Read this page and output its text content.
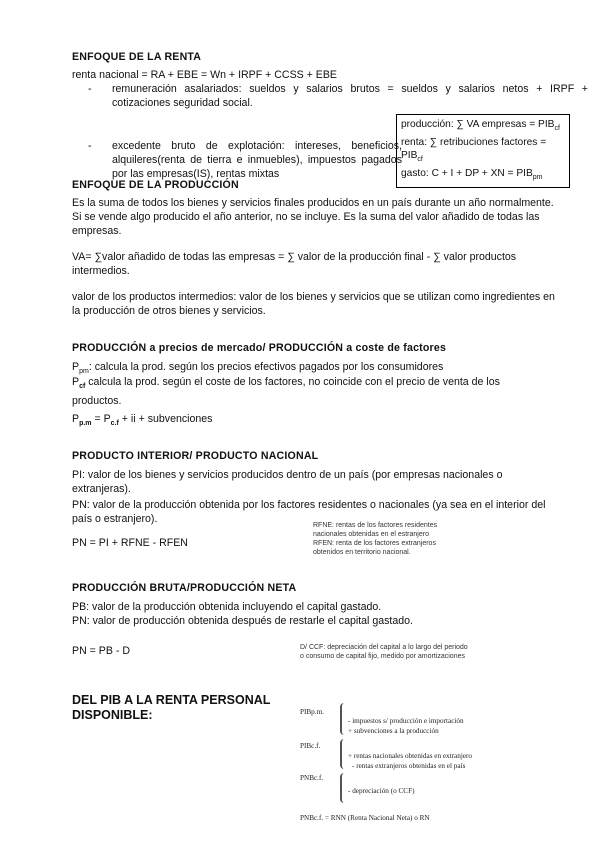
ENFOQUE DE LA RENTA
renta nacional = RA + EBE = Wn + IRPF + CCSS + EBE
- remuneración asalariados: sueldos y salarios brutos = sueldos y salarios netos + IRPF + cotizaciones seguridad social.
- excedente bruto de explotación: intereses, beneficios, alquileres(renta de tierra e inmuebles), impuestos pagados por las empresas(IS), rentas mixtas
producción: ∑ VA empresas = $PIB_{cf}$
renta: ∑ retribuciones factores = $PIB_{cf}$
gasto: C + I + DP + XN = $PIB_{pm}$
ENFOQUE DE LA PRODUCCIÓN
Es la suma de todos los bienes y servicios finales producidos en un país durante un año normalmente. Si se vende algo producido el año anterior, no se incluye. Es la suma del valor añadido de todas las empresas.
VA= ∑valor añadido de todas las empresas = ∑ valor de la producción final - ∑ valor productos intermedios.
valor de los productos intermedios: valor de los bienes y servicios que se utilizan como ingredientes en la producción de otros bienes y servicios.
PRODUCCIÓN a precios de mercado/ PRODUCCIÓN a coste de factores
$P_{pm}$: calcula la prod. según los precios efectivos pagados por los consumidores
$P_{cf}$ calcula la prod. según el coste de los factores, no coincide con el precio de venta de los productos.
$P_{p.m} = P_{c.f}$ + ii + subvenciones
PRODUCTO INTERIOR/ PRODUCTO NACIONAL
PI: valor de los bienes y servicios producidos dentro de un país (por empresas nacionales o extranjeras).
PN: valor de la producción obtenida por los factores residentes o nacionales (ya sea en el interior del país o estranjero).
PN = PI + RFNE - RFEN
RFNE: rentas de los factores residentes
nacionales obtenidas en el estranjero
RFEN: renta de los factores extranjeros
obtenidos en territorio nacional.
PRODUCCIÓN BRUTA/PRODUCCIÓN NETA
PB: valor de la producción obtenida incluyendo el capital gastado.
PN: valor de producción obtenida después de restarle el capital gastado.
PN = PB - D	D/ CCF: depreciación del capital a lo largo del periodo
o consumo de capital fijo, medido por amortizaciones
DEL PIB A LA RENTA PERSONAL
DISPONIBLE:	PIBp.m.
- impuestos s/ producción e importación
+ subvenciones a la producción
PIBc.f.
+ rentas nacionales obtenidas en extranjero
- rentas extranjeros obtenidas en el país
PNBc.f.
- depreciación (o CCF)
PNBc.f. = RNN (Renta Nacional Neta) o RN
